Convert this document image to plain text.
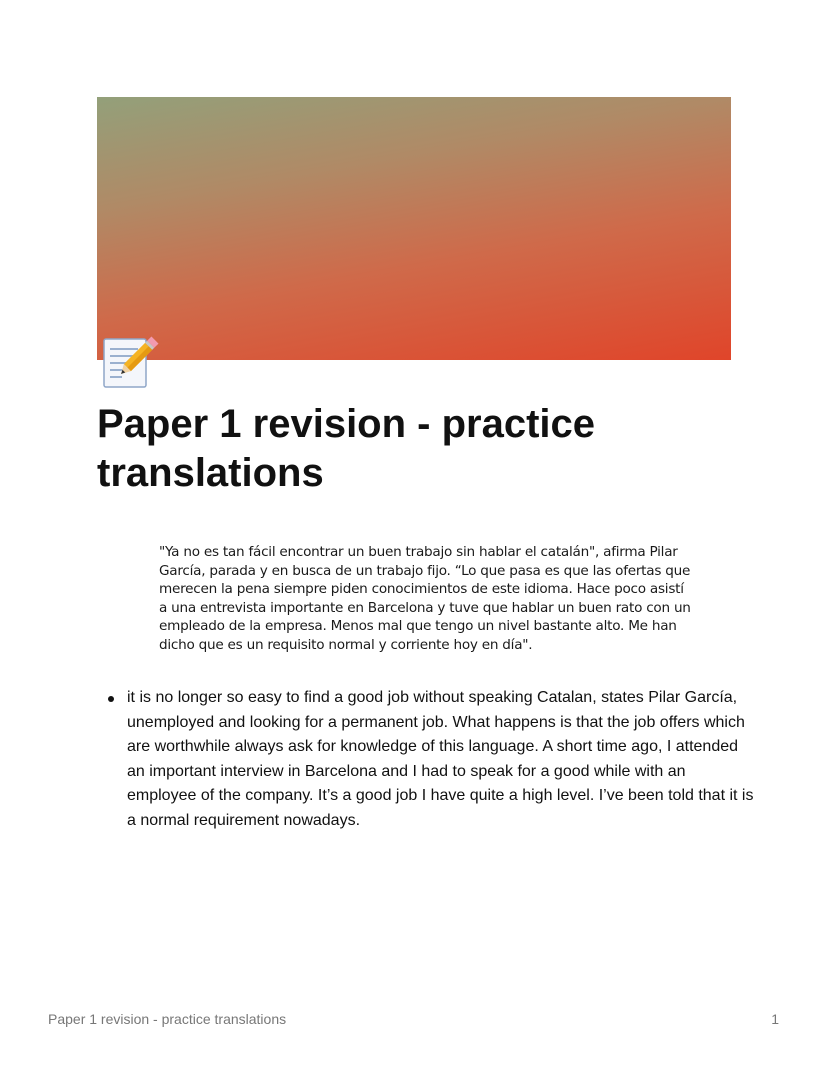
Paper 1 revision - practice translations

"Ya no es tan fácil encontrar un buen trabajo sin hablar el catalán", afirma Pilar García, parada y en busca de un trabajo fijo. “Lo que pasa es que las ofertas que merecen la pena siempre piden conocimientos de este idioma. Hace poco asistí a una entrevista importante en Barcelona y tuve que hablar un buen rato con un empleado de la empresa. Menos mal que tengo un nivel bastante alto. Me han dicho que es un requisito normal y corriente hoy en día".

it is no longer so easy to find a good job without speaking Catalan, states Pilar García, unemployed and looking for a permanent job. What happens is that the job offers which are worthwhile always ask for knowledge of this language. A short time ago, I attended an important interview in Barcelona and I had to speak for a good while with an employee of the company. It’s a good job I have quite a high level. I’ve been told that it is a normal requirement nowadays.
Paper 1 revision - practice translations	1
